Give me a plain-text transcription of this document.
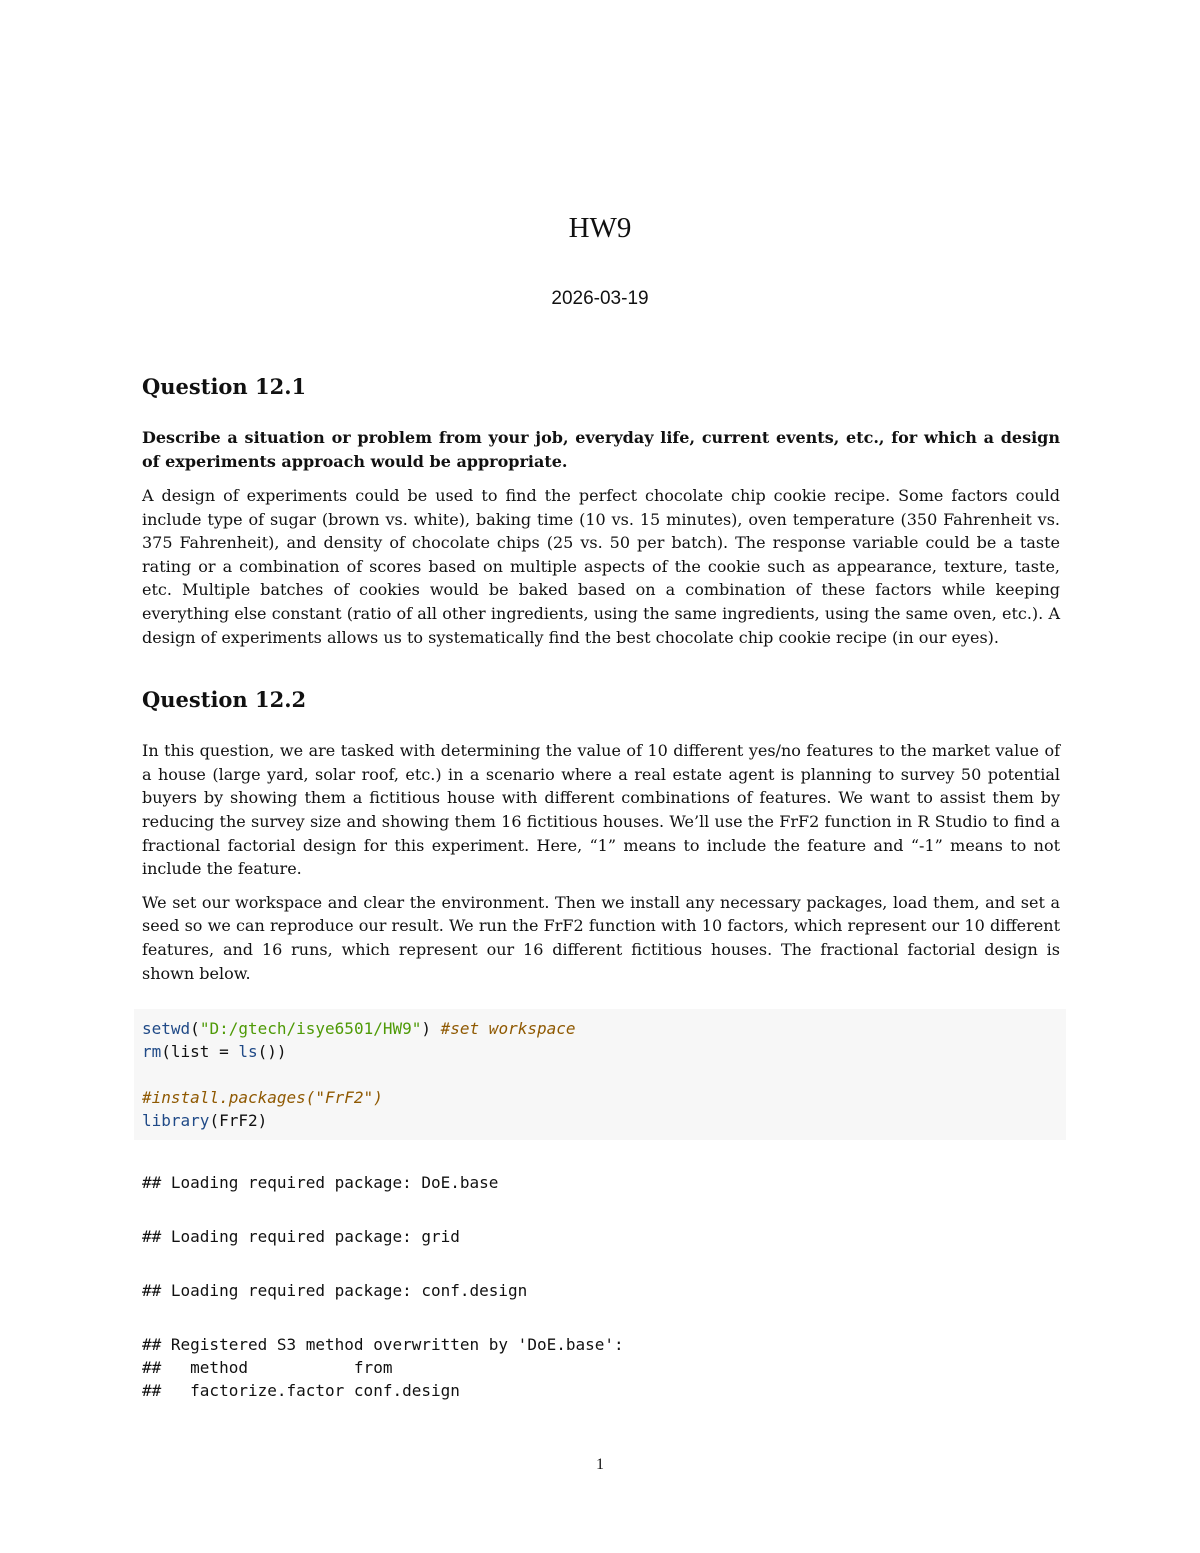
HW9
2026-03-19
Question 12.1
Describe a situation or problem from your job, everyday life, current events, etc., for which a design of experiments approach would be appropriate.

A design of experiments could be used to find the perfect chocolate chip cookie recipe. Some factors could include type of sugar (brown vs. white), baking time (10 vs. 15 minutes), oven temperature (350 Fahrenheit vs. 375 Fahrenheit), and density of chocolate chips (25 vs. 50 per batch). The response variable could be a taste rating or a combination of scores based on multiple aspects of the cookie such as appearance, texture, taste, etc. Multiple batches of cookies would be baked based on a combination of these factors while keeping everything else constant (ratio of all other ingredients, using the same ingredients, using the same oven, etc.). A design of experiments allows us to systematically find the best chocolate chip cookie recipe (in our eyes).

Question 12.2

In this question, we are tasked with determining the value of 10 different yes/no features to the market value of a house (large yard, solar roof, etc.) in a scenario where a real estate agent is planning to survey 50 potential buyers by showing them a fictitious house with different combinations of features. We want to assist them by reducing the survey size and showing them 16 fictitious houses. We’ll use the FrF2 function in R Studio to find a fractional factorial design for this experiment. Here, “1” means to include the feature and “-1” means to not include the feature.

We set our workspace and clear the environment. Then we install any necessary packages, load them, and set a seed so we can reproduce our result. We run the FrF2 function with 10 factors, which represent our 10 different features, and 16 runs, which represent our 16 different fictitious houses. The fractional factorial design is shown below.

setwd("D:/gtech/isye6501/HW9") #set workspace
rm(list = ls())
#install.packages("FrF2")
library(FrF2)
## Loading required package: DoE.base
## Loading required package: grid
## Loading required package: conf.design
## Registered S3 method overwritten by 'DoE.base':
##   method           from
##   factorize.factor conf.design
1
